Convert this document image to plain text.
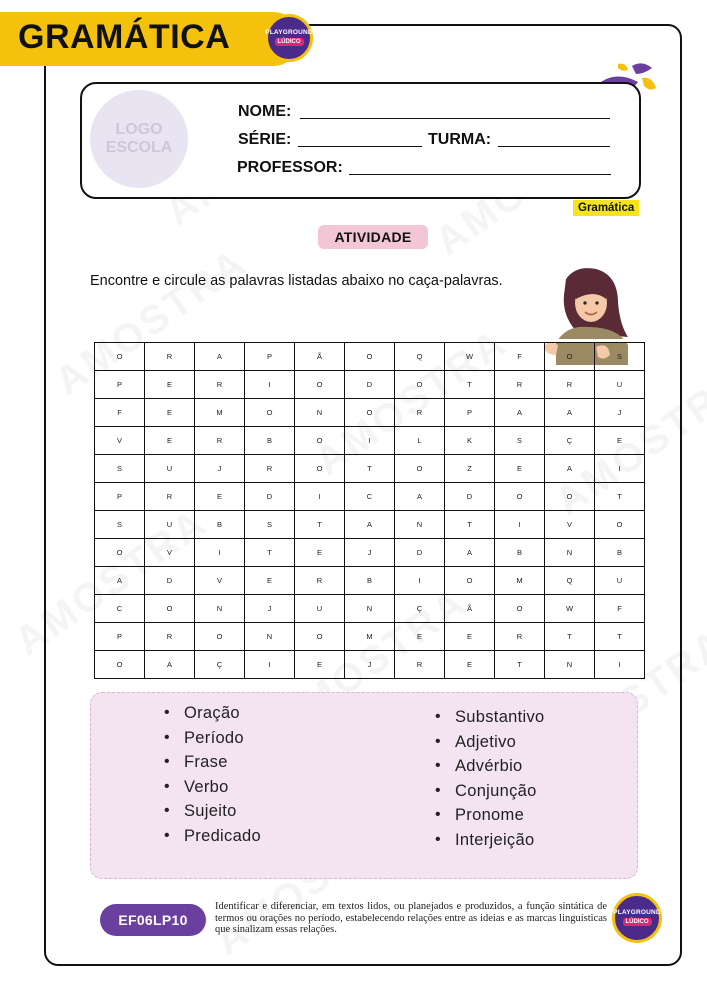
GRAMÁTICA	PLAYGROUND
LÚDICO
LOGO
ESCOLA
NOME:
SÉRIE:	TURMA:
PROFESSOR:
Gramática
ATIVIDADE
Encontre e circule as palavras listadas abaixo no caça-palavras.
O	R	A	P	Ã	O	Q	W	F	O	S
P	E	R	I	O	D	O	T	R	R	U
F	E	M	O	N	O	R	P	A	A	J
V	E	R	B	O	I	L	K	S	Ç	E
S	U	J	R	O	T	O	Z	E	A	I
P	R	E	D	I	C	A	D	O	O	T
S	U	B	S	T	A	N	T	I	V	O
O	V	I	T	E	J	D	A	B	N	B
A	D	V	E	R	B	I	O	M	Q	U
C	O	N	J	U	N	Ç	Ã	O	W	F
P	R	O	N	O	M	E	E	R	T	T
O	A	Ç	I	E	J	R	E	T	N	I
• Oração
• Período
• Frase
• Verbo
• Sujeito
• Predicado
• Substantivo
• Adjetivo
• Advérbio
• Conjunção
• Pronome
• Interjeição
EF06LP10

Identificar e diferenciar, em textos lidos, ou planejados e produzidos, a função sintática de termos ou orações no período, estabelecendo relações entre as ideias e as marcas linguísticas que sinalizam essas relações.

PLAYGROUND
LÚDICO
